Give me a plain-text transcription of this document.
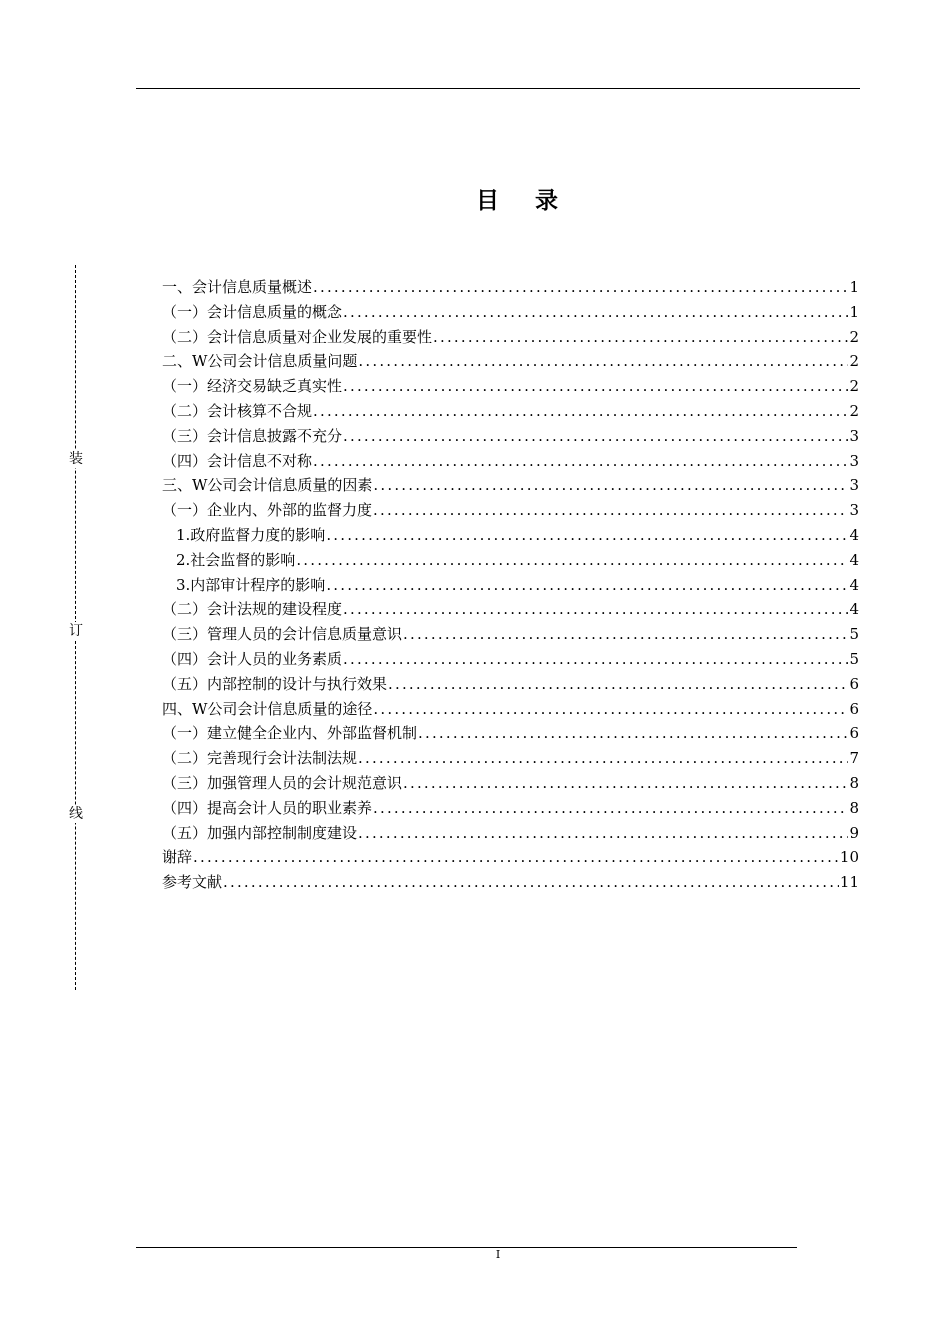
装
订
线
目 录
一、会计信息质量概述 .....	1
（一）会计信息质量的概念 .....	1
（二）会计信息质量对企业发展的重要性 .....	2
二、W公司会计信息质量问题 .....	2
（一）经济交易缺乏真实性 .....	2
（二）会计核算不合规 .....	2
（三）会计信息披露不充分 .....	3
（四）会计信息不对称 .....	3
三、W公司会计信息质量的因素 .....	3
（一）企业内、外部的监督力度 .....	3
1.政府监督力度的影响 .....	4
2.社会监督的影响 .....	4
3.内部审计程序的影响 .....	4
（二）会计法规的建设程度 .....	4
（三）管理人员的会计信息质量意识 .....	5
（四）会计人员的业务素质 .....	5
（五）内部控制的设计与执行效果 .....	6
四、W公司会计信息质量的途径 .....	6
（一）建立健全企业内、外部监督机制 .....	6
（二）完善现行会计法制法规 .....	7
（三）加强管理人员的会计规范意识 .....	8
（四）提高会计人员的职业素养 .....	8
（五）加强内部控制制度建设 .....	9
谢辞 .....	10
参考文献 .....	11
I
